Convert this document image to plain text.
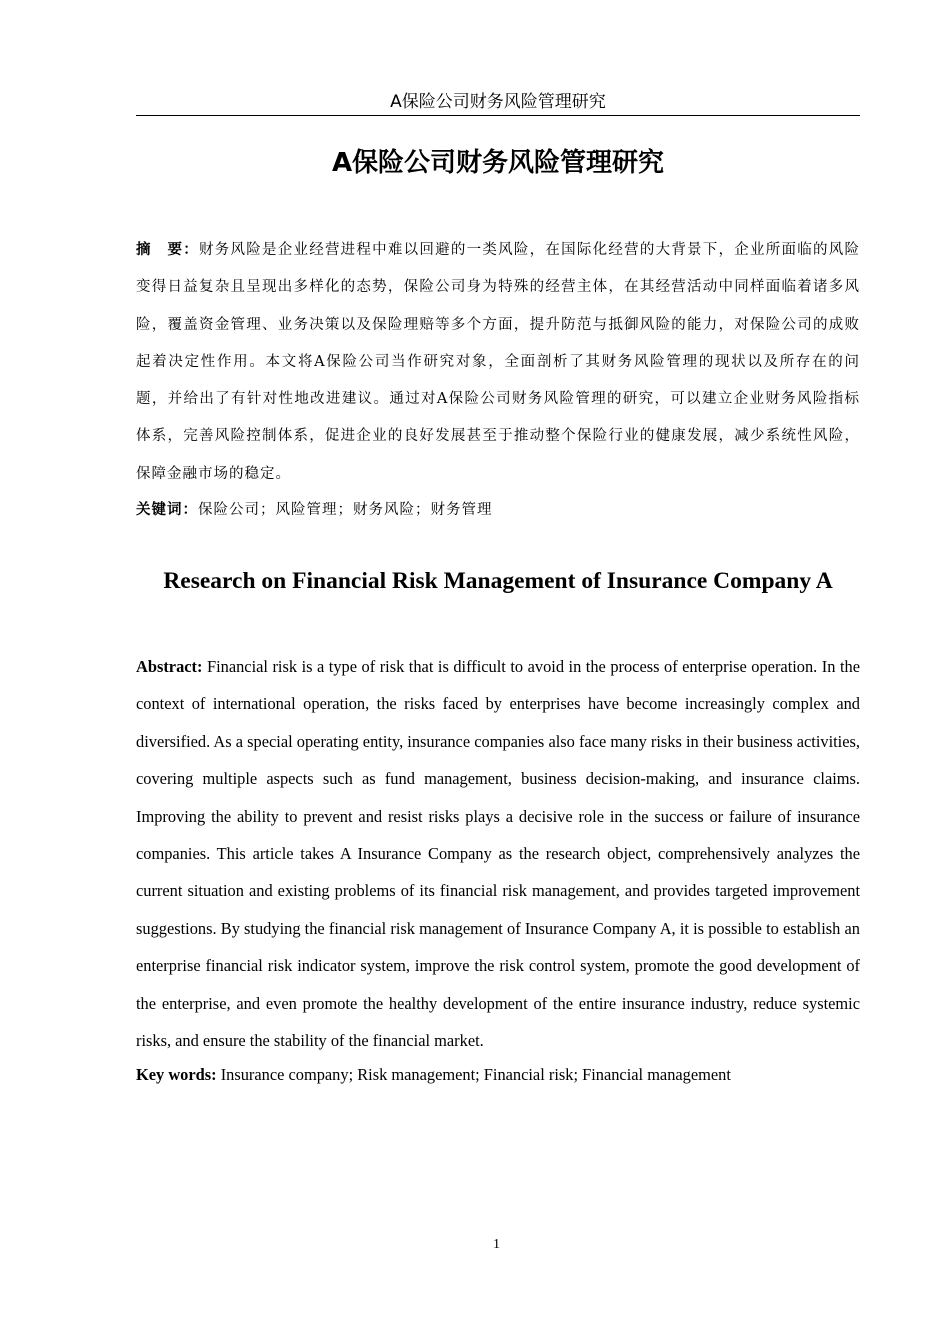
A保险公司财务风险管理研究
A保险公司财务风险管理研究
摘　要：财务风险是企业经营进程中难以回避的一类风险，在国际化经营的大背景下，企业所面临的风险变得日益复杂且呈现出多样化的态势，保险公司身为特殊的经营主体，在其经营活动中同样面临着诸多风险，覆盖资金管理、业务决策以及保险理赔等多个方面，提升防范与抵御风险的能力，对保险公司的成败起着决定性作用。本文将A保险公司当作研究对象，全面剖析了其财务风险管理的现状以及所存在的问题，并给出了有针对性地改进建议。通过对A保险公司财务风险管理的研究，可以建立企业财务风险指标体系，完善风险控制体系，促进企业的良好发展甚至于推动整个保险行业的健康发展，减少系统性风险，保障金融市场的稳定。
关键词：保险公司；风险管理；财务风险；财务管理
Research on Financial Risk Management of Insurance Company A
Abstract: Financial risk is a type of risk that is difficult to avoid in the process of enterprise operation. In the context of international operation, the risks faced by enterprises have become increasingly complex and diversified. As a special operating entity, insurance companies also face many risks in their business activities, covering multiple aspects such as fund management, business decision-making, and insurance claims. Improving the ability to prevent and resist risks plays a decisive role in the success or failure of insurance companies. This article takes A Insurance Company as the research object, comprehensively analyzes the current situation and existing problems of its financial risk management, and provides targeted improvement suggestions. By studying the financial risk management of Insurance Company A, it is possible to establish an enterprise financial risk indicator system, improve the risk control system, promote the good development of the enterprise, and even promote the healthy development of the entire insurance industry, reduce systemic risks, and ensure the stability of the financial market.
Key words: Insurance company; Risk management; Financial risk; Financial management
1
